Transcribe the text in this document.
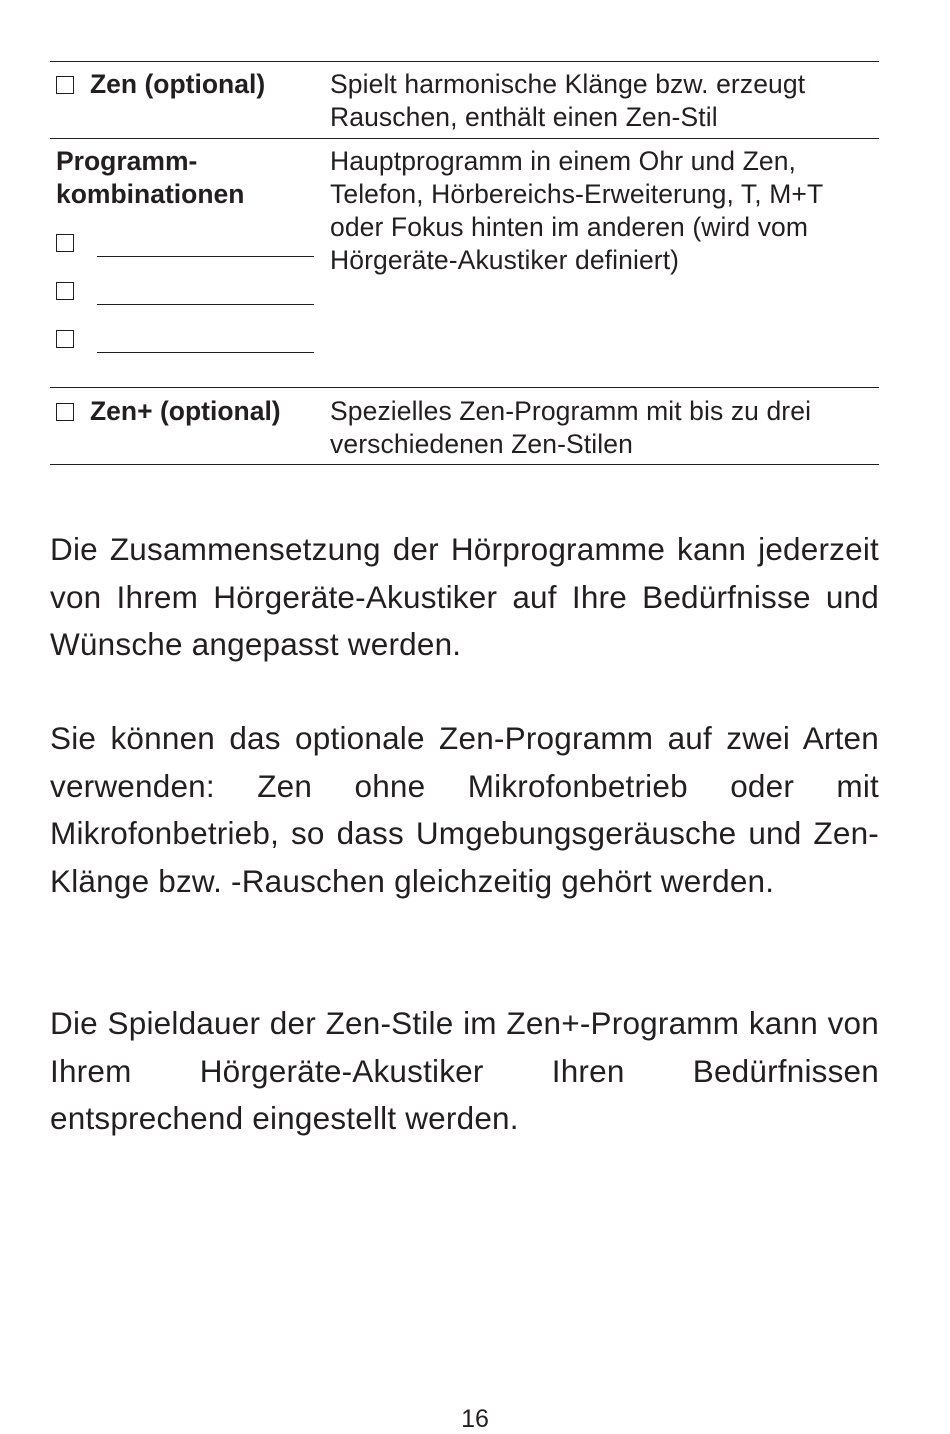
Zen (optional) Spielt harmonische Klänge bzw. erzeugt Rauschen, enthält einen Zen-Stil
Programm-
kombinationen
Hauptprogramm in einem Ohr und Zen, Telefon, Hörbereichs-Erweiterung, T, M+T oder Fokus hinten im anderen (wird vom Hörgeräte-Akustiker definiert)
Zen+ (optional) Spezielles Zen-Programm mit bis zu drei verschiedenen Zen-Stilen

Die Zusammensetzung der Hörprogramme kann jederzeit von Ihrem Hörgeräte-Akustiker auf Ihre Bedürfnisse und Wünsche angepasst werden.

Sie können das optionale Zen-Programm auf zwei Arten verwenden: Zen ohne Mikrofonbetrieb oder mit Mikrofonbetrieb, so dass Umgebungsgeräusche und Zen-Klänge bzw. -Rauschen gleichzeitig gehört werden.

Die Spieldauer der Zen-Stile im Zen+-Programm kann von Ihrem Hörgeräte-Akustiker Ihren Bedürfnissen entsprechend eingestellt werden.

16
